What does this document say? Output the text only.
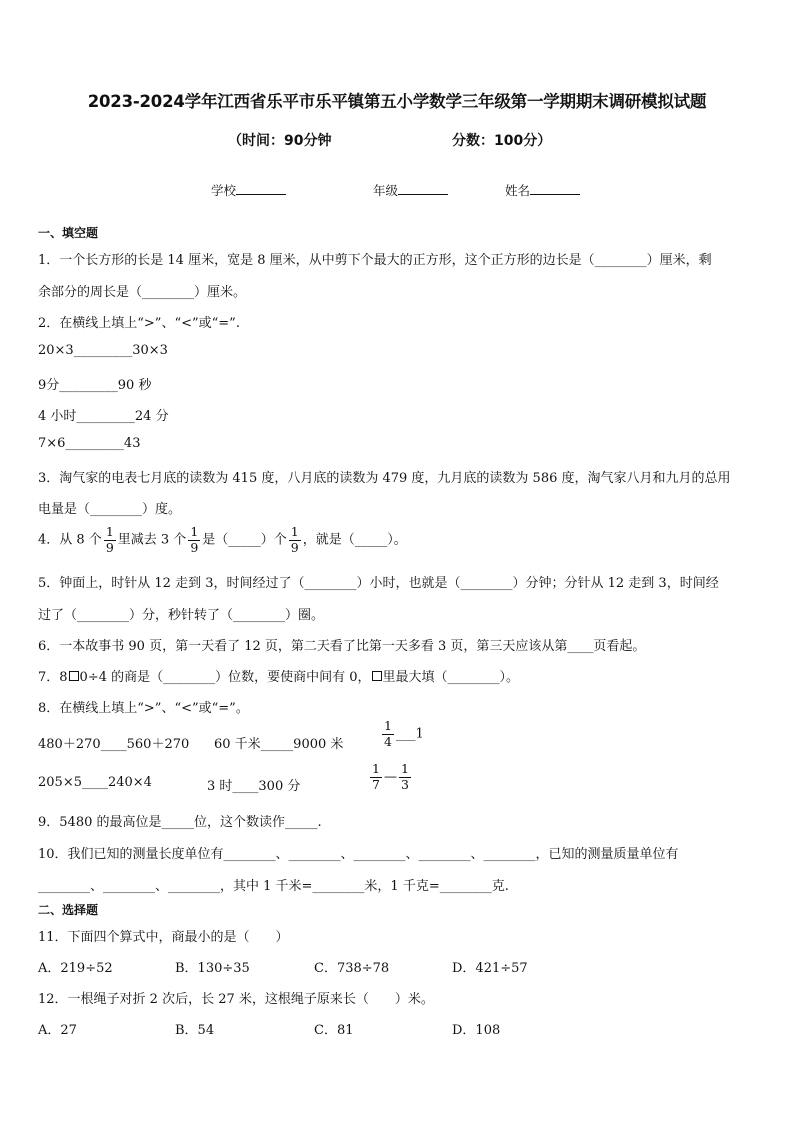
2023-2024学年江西省乐平市乐平镇第五小学数学三年级第一学期期末调研模拟试题
（时间：90分钟	分数：100分）
学校	年级	姓名
一、填空题
1．一个长方形的长是 14 厘米，宽是 8 厘米，从中剪下个最大的正方形，这个正方形的边长是（________）厘米，剩
余部分的周长是（________）厘米。
2．在横线上填上“>”、“<”或“=”.
20×3_________30×3
9分_________90 秒
4 小时_________24 分
7×6_________43
3．淘气家的电表七月底的读数为 415 度，八月底的读数为 479 度，九月底的读数为 586 度，淘气家八月和九月的总用
电量是（________）度。
4．从 8 个 $\frac{1}{9}$ 里减去 3 个 $\frac{1}{9}$ 是（_____）个 $\frac{1}{9}$ ，就是（_____）。
5．钟面上，时针从 12 走到 3，时间经过了（________）小时，也就是（________）分钟；分针从 12 走到 3，时间经
过了（________）分，秒针转了（________）圈。
6．一本故事书 90 页，第一天看了 12 页，第二天看了比第一天多看 3 页，第三天应该从第____页看起。
7．8 0÷4 的商是（________）位数，要使商中间有 0， 里最大填（________）。
8．在横线上填上“>”、“<”或“=”。
480＋270____560＋270 60 千米_____9000 米	$\frac{1}{4}$ ___1
205×5____240×4	3 时____300 分	$\frac{1}{7}$ — $\frac{1}{3}$
9．5480 的最高位是_____位，这个数读作_____.
10．我们已知的测量长度单位有________、________、________、________、________，已知的测量质量单位有
________、________、________，其中 1 千米=________米，1 千克=________克.
二、选择题
11．下面四个算式中，商最小的是（　　）
A．219÷52	B．130÷35	C．738÷78	D．421÷57
12．一根绳子对折 2 次后，长 27 米，这根绳子原来长（　　）米。
A．27	B．54	C．81	D．108
